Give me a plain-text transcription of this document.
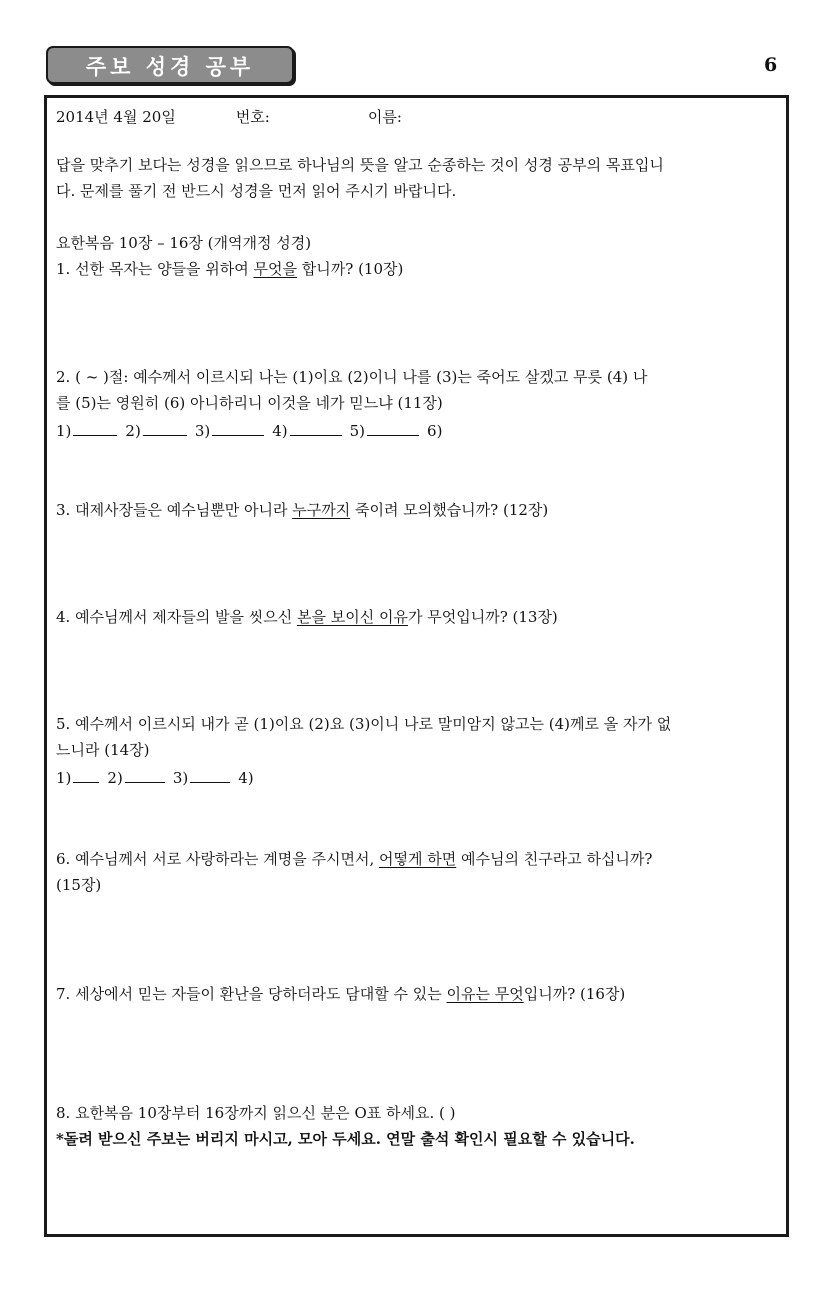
주보 성경 공부	6
2014년 4월 20일	번호:	이름:
답을 맞추기 보다는 성경을 읽으므로 하나님의 뜻을 알고 순종하는 것이 성경 공부의 목표입니
다. 문제를 풀기 전 반드시 성경을 먼저 읽어 주시기 바랍니다.
요한복음 10장 – 16장 (개역개정 성경)
1. 선한 목자는 양들을 위하여 무엇을 합니까? (10장)
2. ( ~ )절: 예수께서 이르시되 나는 (1)이요 (2)이니 나를 (3)는 죽어도 살겠고 무릇 (4) 나
를 (5)는 영원히 (6) 아니하리니 이것을 네가 믿느냐 (11장)
1)	2)	3)	4)	5)	6)
3. 대제사장들은 예수님뿐만 아니라 누구까지 죽이려 모의했습니까? (12장)
4. 예수님께서 제자들의 발을 씻으신 본을 보이신 이유가 무엇입니까? (13장)
5. 예수께서 이르시되 내가 곧 (1)이요 (2)요 (3)이니 나로 말미암지 않고는 (4)께로 올 자가 없
느니라 (14장)
1) 2)	3)	4)
6. 예수님께서 서로 사랑하라는 계명을 주시면서, 어떻게 하면 예수님의 친구라고 하십니까?
(15장)
7. 세상에서 믿는 자들이 환난을 당하더라도 담대할 수 있는 이유는 무엇입니까? (16장)
8. 요한복음 10장부터 16장까지 읽으신 분은 O표 하세요. ( )
*돌려 받으신 주보는 버리지 마시고, 모아 두세요. 연말 출석 확인시 필요할 수 있습니다.
